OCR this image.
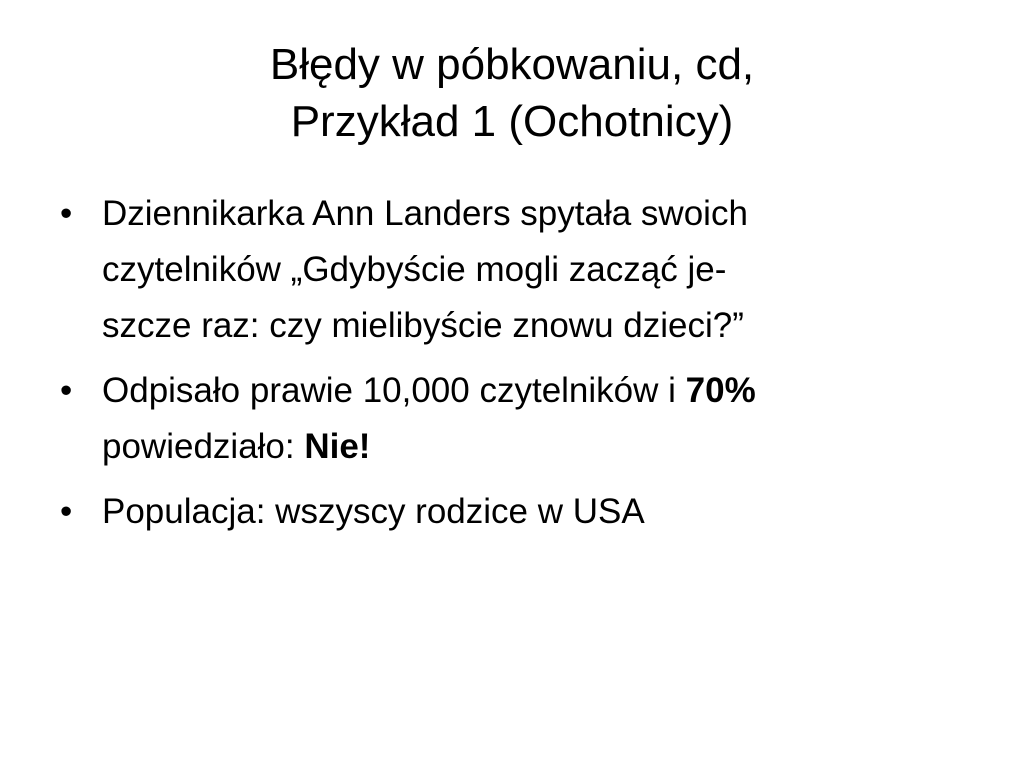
Błędy w póbkowaniu, cd,
Przykład 1 (Ochotnicy)
• Dziennikarka Ann Landers spytała swoich
czytelników „Gdybyście mogli zacząć je-
szcze raz: czy mielibyście znowu dzieci?”
• Odpisało prawie 10,000 czytelników i 70%
powiedziało: Nie!
• Populacja: wszyscy rodzice w USA
